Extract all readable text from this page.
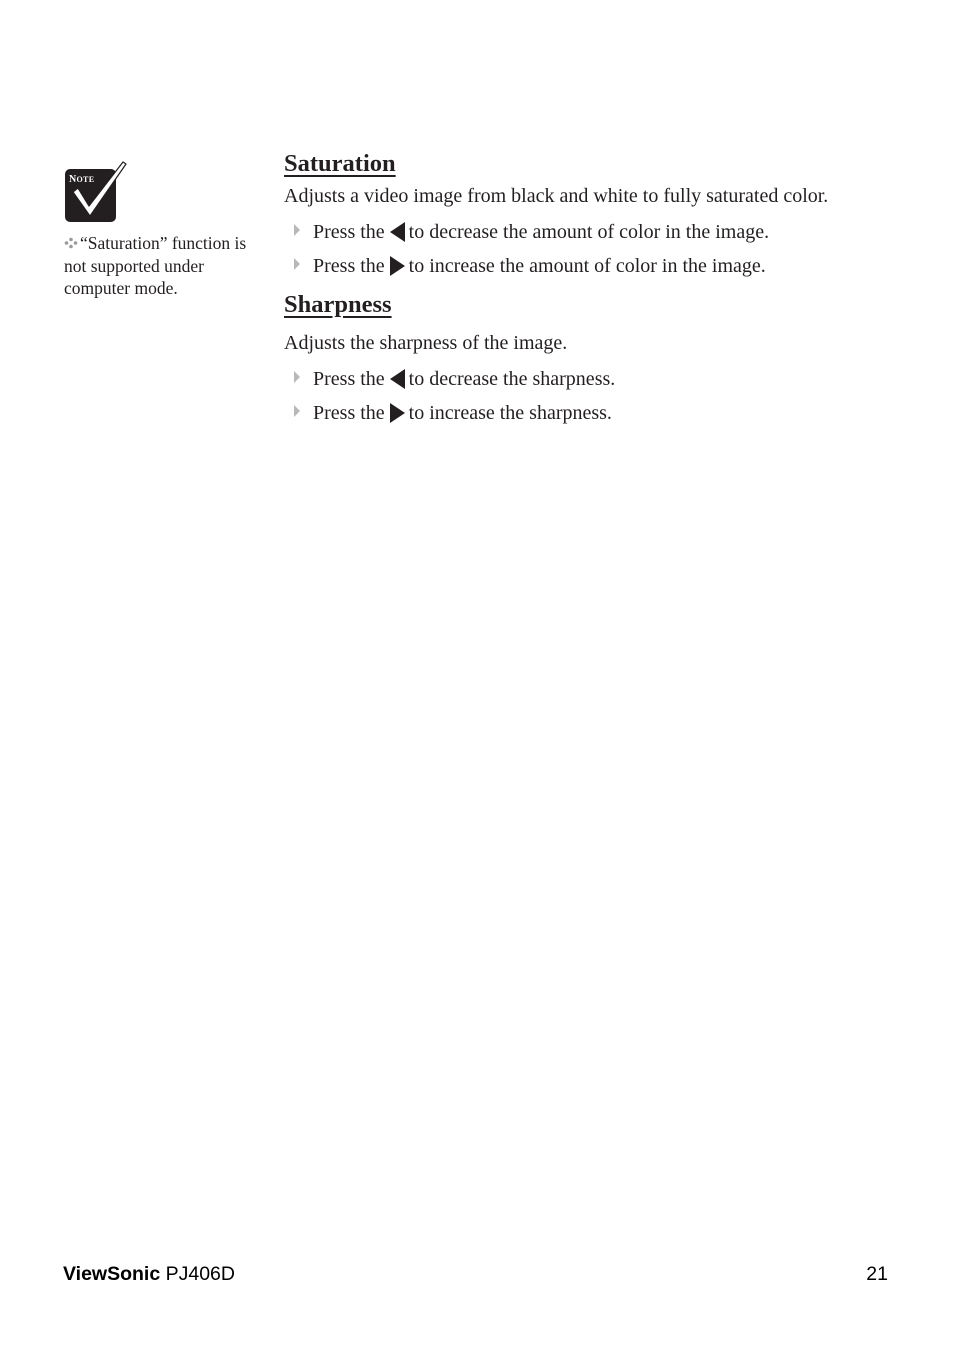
NOTE
“Saturation” function is not supported under computer mode.
Saturation

Adjusts a video image from black and white to fully saturated color.

Press the to decrease the amount of color in the image.
Press the to increase the amount of color in the image.
Sharpness

Adjusts the sharpness of the image.

Press the to decrease the sharpness.
Press the to increase the sharpness.
ViewSonic PJ406D	21
